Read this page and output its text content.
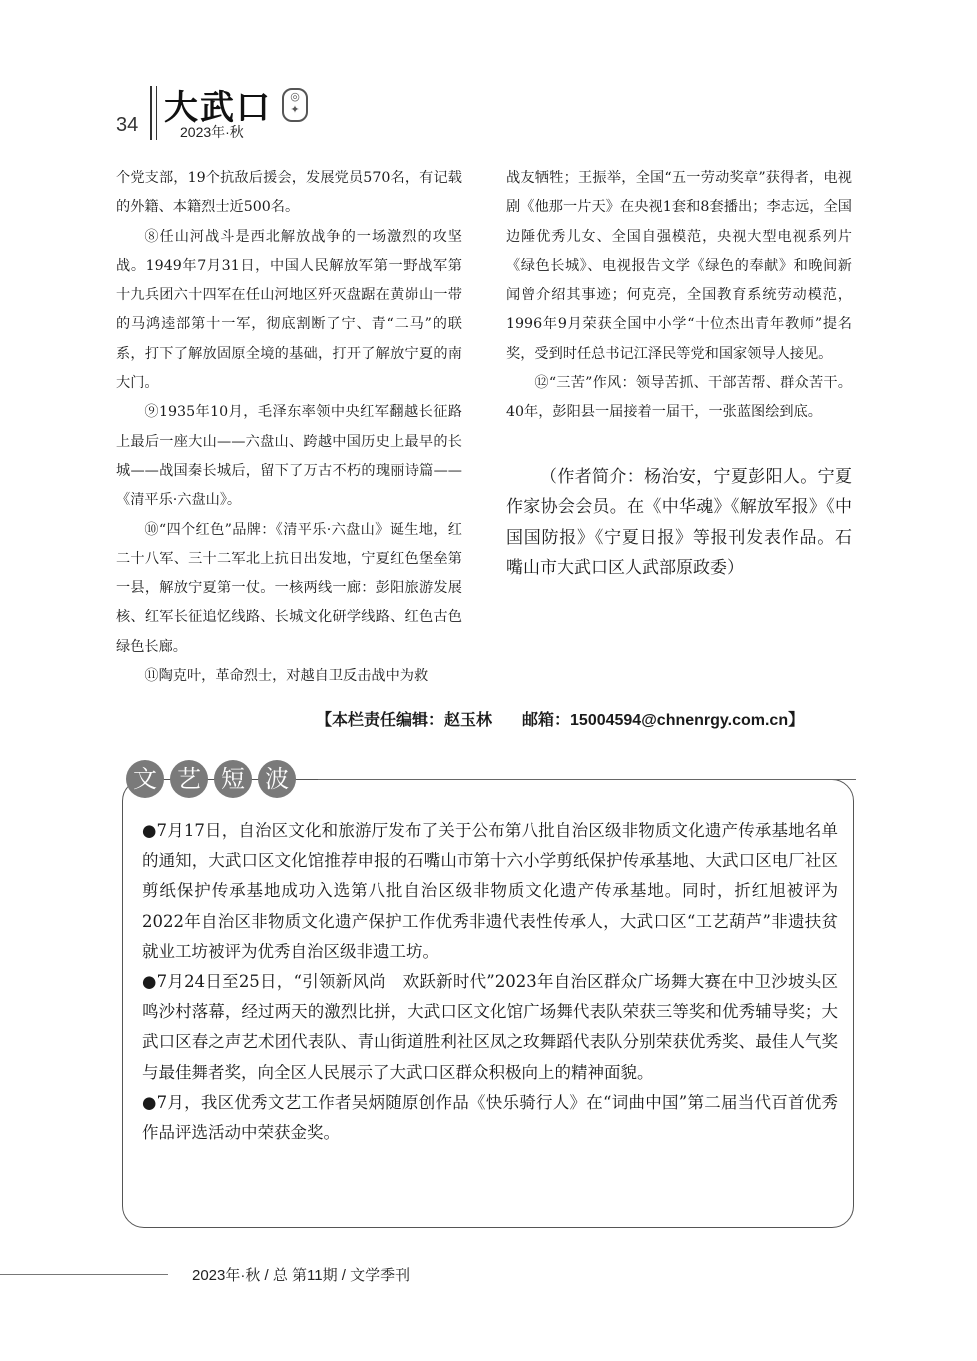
34 大武口	◎
✦
2023年·秋

个党支部，19个抗敌后援会，发展党员570名，有记载的外籍、本籍烈士近500名。

⑧任山河战斗是西北解放战争的一场激烈的攻坚战。1949年7月31日，中国人民解放军第一野战军第十九兵团六十四军在任山河地区歼灭盘踞在黄峁山一带的马鸿逵部第十一军，彻底割断了宁、青“二马”的联系，打下了解放固原全境的基础，打开了解放宁夏的南大门。

⑨1935年10月，毛泽东率领中央红军翻越长征路上最后一座大山——六盘山、跨越中国历史上最早的长城——战国秦长城后，留下了万古不朽的瑰丽诗篇——《清平乐·六盘山》。

⑩“四个红色”品牌：《清平乐·六盘山》诞生地，红二十八军、三十二军北上抗日出发地，宁夏红色堡垒第一县，解放宁夏第一仗。一核两线一廊：彭阳旅游发展核、红军长征追忆线路、长城文化研学线路、红色古色绿色长廊。

⑪陶克叶，革命烈士，对越自卫反击战中为救

战友牺牲；王振举，全国“五一劳动奖章”获得者，电视剧《他那一片天》在央视1套和8套播出；李志远，全国边陲优秀儿女、全国自强模范，央视大型电视系列片《绿色长城》、电视报告文学《绿色的奉献》和晚间新闻曾介绍其事迹；何克亮，全国教育系统劳动模范，1996年9月荣获全国中小学“十位杰出青年教师”提名奖，受到时任总书记江泽民等党和国家领导人接见。

⑫“三苦”作风：领导苦抓、干部苦帮、群众苦干。40年，彭阳县一届接着一届干，一张蓝图绘到底。

（作者简介：杨治安，宁夏彭阳人。宁夏作家协会会员。在《中华魂》《解放军报》《中国国防报》《宁夏日报》等报刊发表作品。石嘴山市大武口区人武部原政委）

【本栏责任编辑：赵玉林 邮箱：15004594@chnenrgy.com.cn】
文 艺 短 波

●7月17日，自治区文化和旅游厅发布了关于公布第八批自治区级非物质文化遗产传承基地名单的通知，大武口区文化馆推荐申报的石嘴山市第十六小学剪纸保护传承基地、大武口区电厂社区剪纸保护传承基地成功入选第八批自治区级非物质文化遗产传承基地。同时，折红旭被评为2022年自治区非物质文化遗产保护工作优秀非遗代表性传承人，大武口区“工艺葫芦”非遗扶贫就业工坊被评为优秀自治区级非遗工坊。

●7月24日至25日，“引领新风尚　欢跃新时代”2023年自治区群众广场舞大赛在中卫沙坡头区鸣沙村落幕，经过两天的激烈比拼，大武口区文化馆广场舞代表队荣获三等奖和优秀辅导奖；大武口区春之声艺术团代表队、青山街道胜利社区凤之玫舞蹈代表队分别荣获优秀奖、最佳人气奖与最佳舞者奖，向全区人民展示了大武口区群众积极向上的精神面貌。

●7月，我区优秀文艺工作者吴炳随原创作品《快乐骑行人》在“词曲中国”第二届当代百首优秀作品评选活动中荣获金奖。

2023年·秋 / 总 第11期 / 文学季刊
